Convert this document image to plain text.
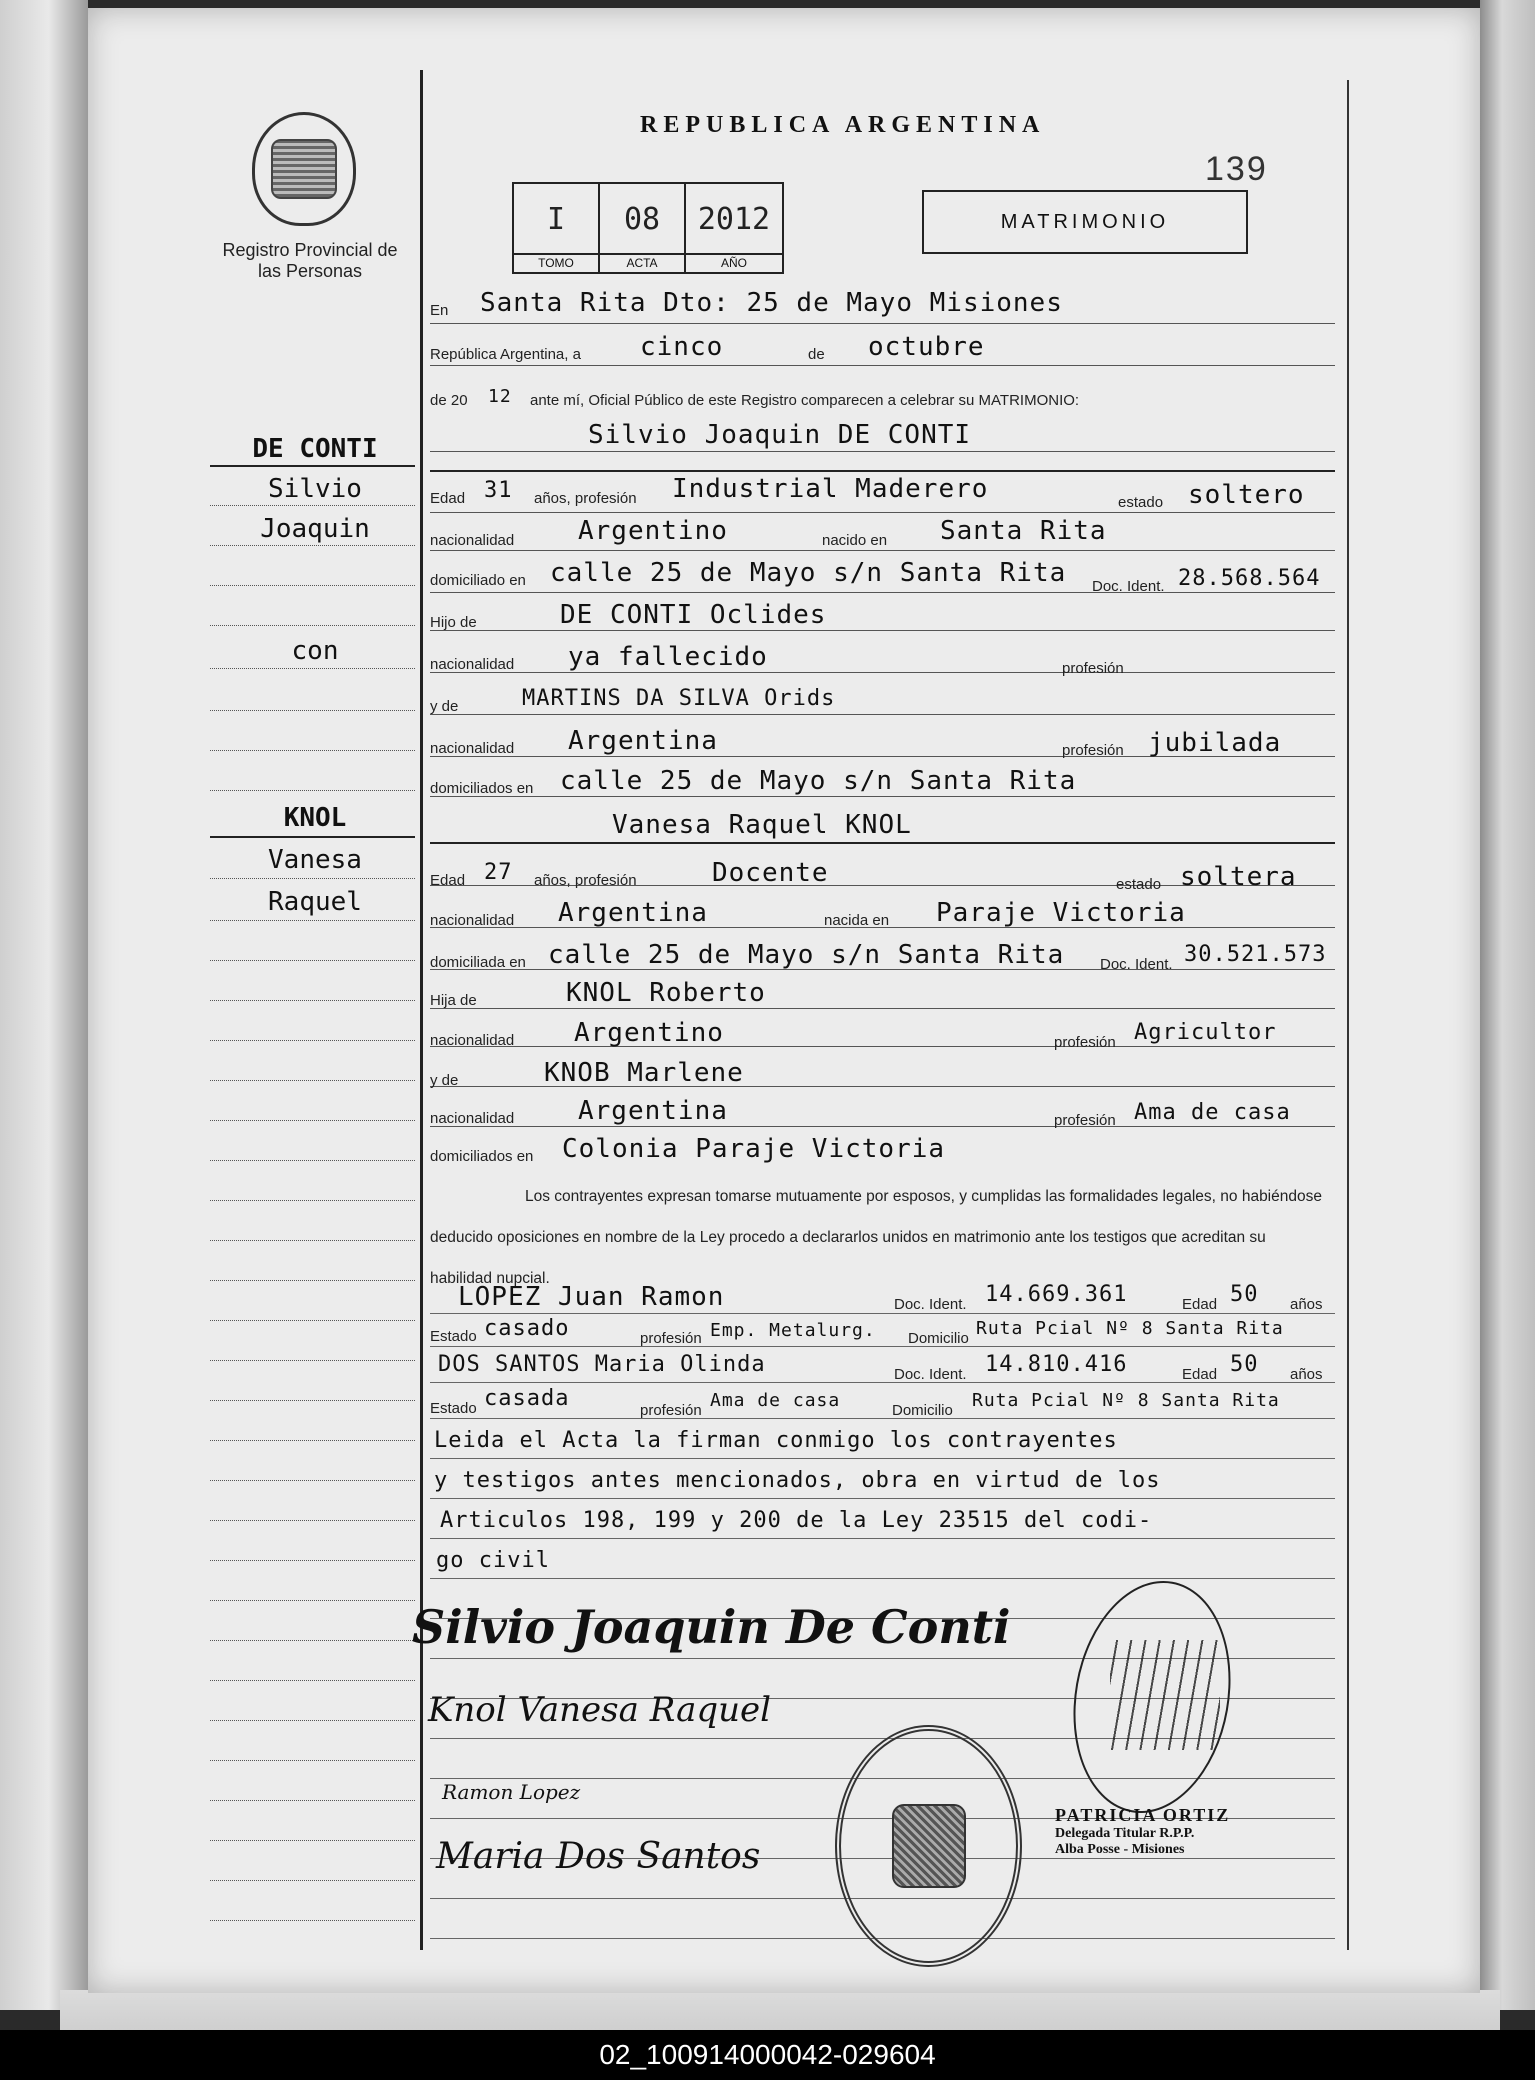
Registro Provincial de las Personas
REPUBLICA ARGENTINA
139
I
TOMO
08
ACTA
2012
AÑO
MATRIMONIO
DE CONTI
Silvio
Joaquin
con
KNOL
Vanesa
Raquel
En Santa Rita Dto: 25 de Mayo Misiones
República Argentina, a cinco	de octubre
de 20 12 ante mí, Oficial Público de este Registro comparecen a celebrar su MATRIMONIO:
Silvio Joaquin DE CONTI
Edad 31 años, profesión Industrial Maderero	estado soltero
nacionalidad Argentino	nacido en Santa Rita
domiciliado en calle 25 de Mayo s/n Santa Rita Doc. Ident. 28.568.564
Hijo de	DE CONTI Oclides
nacionalidad ya fallecido	profesión
y de	MARTINS DA SILVA Orids
nacionalidad Argentina	profesión jubilada
domiciliados en calle 25 de Mayo s/n Santa Rita
Vanesa Raquel KNOL
Edad 27 años, profesión	Docente	estado soltera
nacionalidad Argentina	nacida en Paraje Victoria
domiciliada en calle 25 de Mayo s/n Santa Rita Doc. Ident. 30.521.573
Hija de	KNOL Roberto
nacionalidad Argentino	profesión Agricultor
y de	KNOB Marlene
nacionalidad Argentina	profesión Ama de casa
domiciliados en Colonia Paraje Victoria
Los contrayentes expresan tomarse mutuamente por esposos, y cumplidas las formalidades legales, no habiéndose deducido oposiciones en nombre de la Ley procedo a declararlos unidos en matrimonio ante los testigos que acreditan su habilidad nupcial.
LOPEZ Juan Ramon	Doc. Ident. 14.669.361	Edad 50 años
Estado casado	profesión Emp. Metalurg. Domicilio Ruta Pcial Nº 8 Santa Rita
DOS SANTOS Maria Olinda	Doc. Ident. 14.810.416	Edad 50 años
Estado casada	profesión Ama de casa	Domicilio Ruta Pcial Nº 8 Santa Rita
Leida el Acta la firman conmigo los contrayentes
y testigos antes mencionados, obra en virtud de los
Articulos 198, 199 y 200 de la Ley 23515 del codi-
go civil
Silvio Joaquin De Conti
Knol Vanesa Raquel
Ramon Lopez
Maria Dos Santos
PATRICIA ORTIZ
Delegada Titular R.P.P.
Alba Posse - Misiones
02_100914000042-029604
